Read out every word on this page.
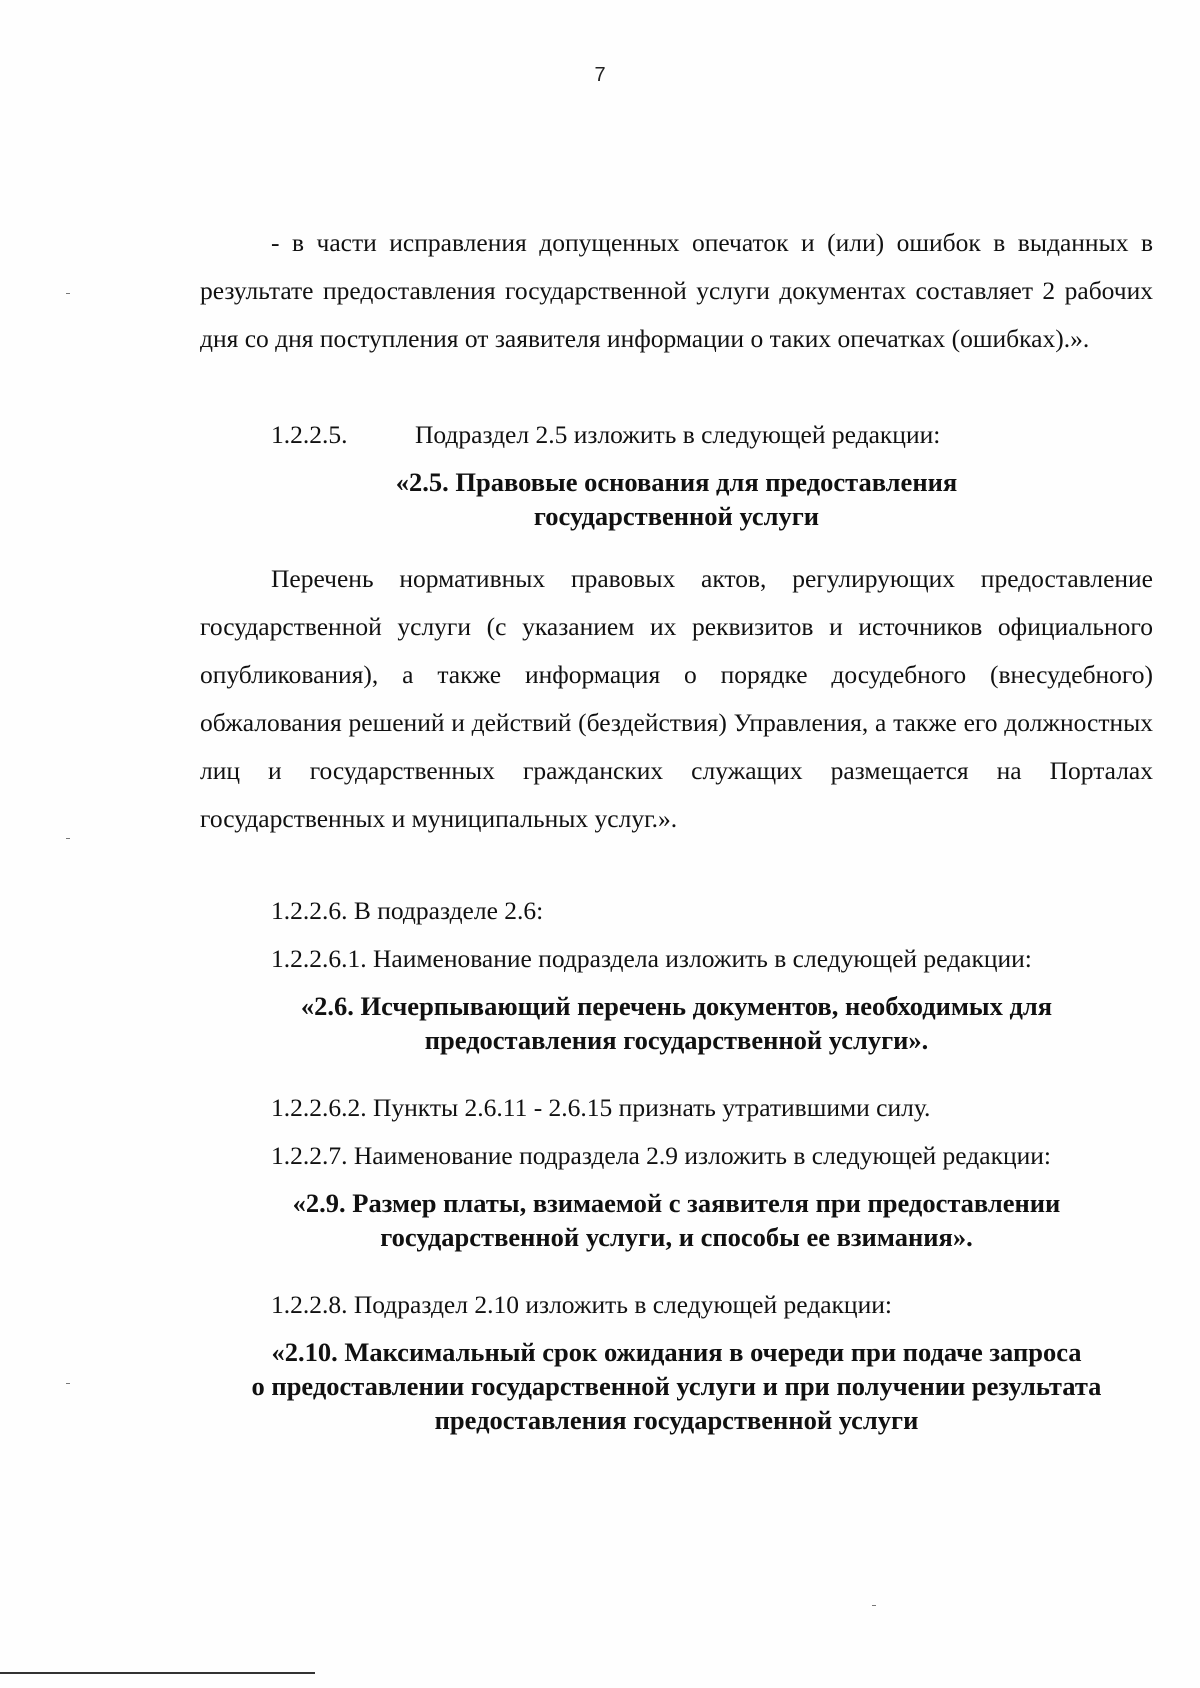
7
- в части исправления допущенных опечаток и (или) ошибок в выданных в результате предоставления государственной услуги документах составляет 2 рабочих дня со дня поступления от заявителя информации о таких опечатках (ошибках).».
1.2.2.5.	Подраздел 2.5 изложить в следующей редакции:
«2.5. Правовые основания для предоставления
государственной услуги
Перечень нормативных правовых актов, регулирующих предоставление государственной услуги (с указанием их реквизитов и источников официального опубликования), а также информация о порядке досудебного (внесудебного) обжалования решений и действий (бездействия) Управления, а также его должностных лиц и государственных гражданских служащих размещается на Порталах государственных и муниципальных услуг.».
1.2.2.6. В подразделе 2.6:
1.2.2.6.1. Наименование подраздела изложить в следующей редакции:
«2.6. Исчерпывающий перечень документов, необходимых для
предоставления государственной услуги».
1.2.2.6.2. Пункты 2.6.11 - 2.6.15 признать утратившими силу.
1.2.2.7. Наименование подраздела 2.9 изложить в следующей редакции:
«2.9. Размер платы, взимаемой с заявителя при предоставлении
государственной услуги, и способы ее взимания».
1.2.2.8. Подраздел 2.10 изложить в следующей редакции:
«2.10. Максимальный срок ожидания в очереди при подаче запроса
о предоставлении государственной услуги и при получении результата
предоставления государственной услуги
